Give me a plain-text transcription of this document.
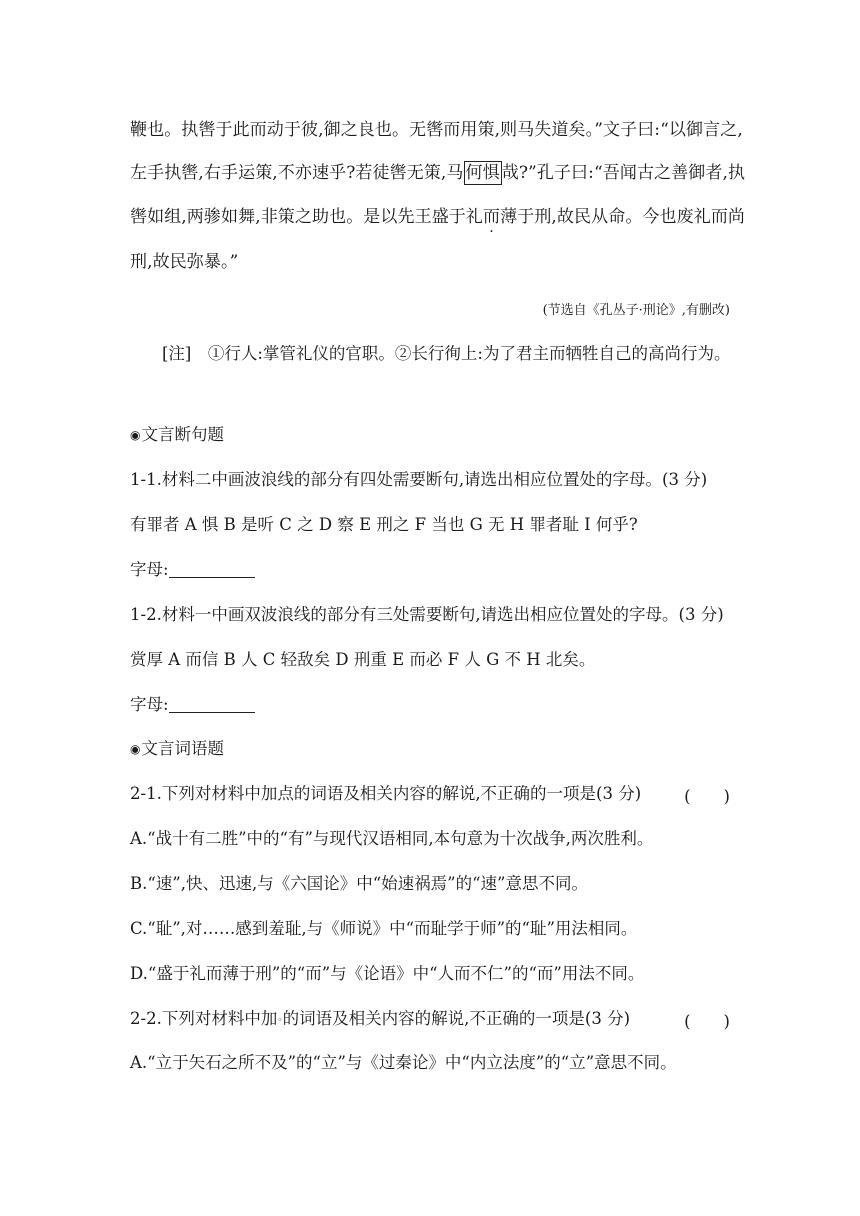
鞭也。执辔于此而动于彼,御之良也。无辔而用策,则马失道矣。”文子曰:“以御言之,
左手执辔,右手运策,不亦速乎?若徒辔无策,马 何惧 哉?”孔子曰:“吾闻古之善御者,执
辔如组,两骖如舞,非策之助也。是以先王盛于礼而薄于刑,故民从命。今也废礼而尚
刑,故民弥暴。”
(节选自《孔丛子·刑论》,有删改)
[注]　①行人:掌管礼仪的官职。②长行徇上:为了君主而牺牲自己的高尚行为。
◉文言断句题
1-1.材料二中画波浪线的部分有四处需要断句,请选出相应位置处的字母。(3 分)
有罪者 A 惧 B 是听 C 之 D 察 E 刑之 F 当也 G 无 H 罪者耻 I 何乎?
字母:
1-2.材料一中画双波浪线的部分有三处需要断句,请选出相应位置处的字母。(3 分)
赏厚 A 而信 B 人 C 轻敌矣 D 刑重 E 而必 F 人 G 不 H 北矣。
字母:
◉文言词语题
2-1.下列对材料中加点的词语及相关内容的解说,不正确的一项是(3 分)	(　　)
A.“战十有二胜”中的“有”与现代汉语相同,本句意为十次战争,两次胜利。
B.“速”,快、迅速,与《六国论》中“始速祸焉”的“速”意思不同。
C.“耻”,对……感到羞耻,与《师说》中“而耻学于师”的“耻”用法相同。
D.“盛于礼而薄于刑”的“而”与《论语》中“人而不仁”的“而”用法不同。
2-2.下列对材料中加◦的词语及相关内容的解说,不正确的一项是(3 分)	(　　)
A.“立于矢石之所不及”的“立”与《过秦论》中“内立法度”的“立”意思不同。
